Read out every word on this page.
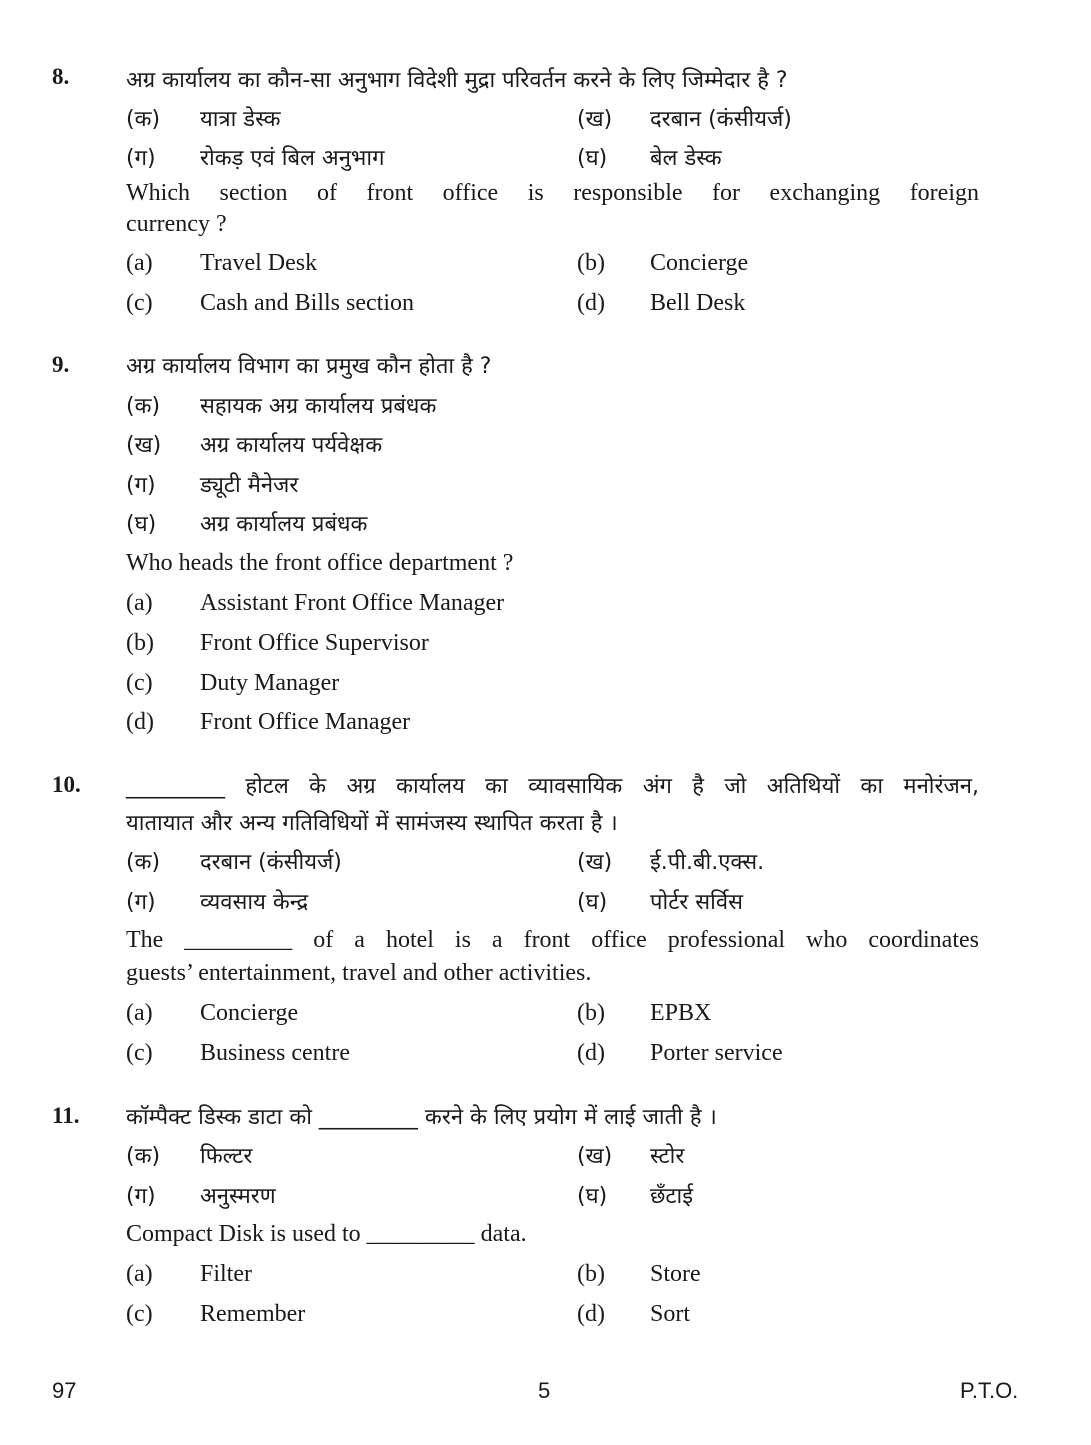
8.	अग्र कार्यालय का कौन-सा अनुभाग विदेशी मुद्रा परिवर्तन करने के लिए जिम्मेदार है ?
(क) यात्रा डेस्क	(ख) दरबान (कंसीयर्ज)
(ग) रोकड़ एवं बिल अनुभाग	(घ) बेल डेस्क
Which section of front office is responsible for exchanging foreign
currency ?
(a) Travel Desk	(b) Concierge
(c) Cash and Bills section	(d) Bell Desk
9.	अग्र कार्यालय विभाग का प्रमुख कौन होता है ?
(क) सहायक अग्र कार्यालय प्रबंधक
(ख) अग्र कार्यालय पर्यवेक्षक
(ग) ड्यूटी मैनेजर
(घ) अग्र कार्यालय प्रबंधक
Who heads the front office department ?
(a) Assistant Front Office Manager
(b) Front Office Supervisor
(c) Duty Manager
(d) Front Office Manager
10. _________ होटल के अग्र कार्यालय का व्यावसायिक अंग है जो अतिथियों का मनोरंजन,
यातायात और अन्य गतिविधियों में सामंजस्य स्थापित करता है ।
(क) दरबान (कंसीयर्ज)	(ख) ई.पी.बी.एक्स.
(ग) व्यवसाय केन्द्र	(घ) पोर्टर सर्विस
The _________ of a hotel is a front office professional who coordinates
guests’ entertainment, travel and other activities.
(a) Concierge	(b) EPBX
(c) Business centre	(d) Porter service
11. कॉम्पैक्ट डिस्क डाटा को _________ करने के लिए प्रयोग में लाई जाती है ।
(क) फिल्टर	(ख) स्टोर
(ग) अनुस्मरण	(घ) छँटाई
Compact Disk is used to _________ data.
(a) Filter	(b) Store
(c) Remember	(d) Sort
97	5	P.T.O.
